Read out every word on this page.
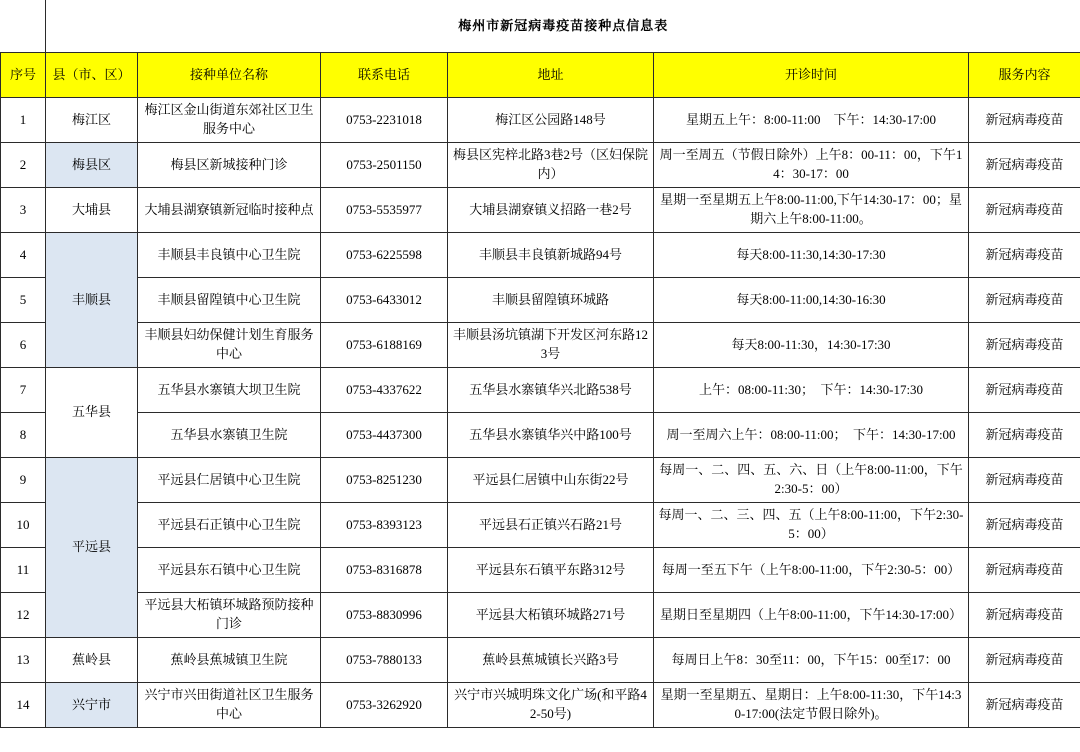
	梅州市新冠病毒疫苗接种点信息表					
序号	县（市、区）	接种单位名称	联系电话	地址	开诊时间	服务内容
1	梅江区	梅江区金山街道东郊社区卫生服务中心	0753-2231018	梅江区公园路148号	星期五上午：8:00-11:00　下午：14:30-17:00	新冠病毒疫苗
2	梅县区	梅县区新城接种门诊	0753-2501150	梅县区宪梓北路3巷2号（区妇保院内）	周一至周五（节假日除外）上午8：00-11：00，下午14：30-17：00	新冠病毒疫苗
3	大埔县	大埔县湖寮镇新冠临时接种点	0753-5535977	大埔县湖寮镇义招路一巷2号	星期一至星期五上午8:00-11:00,下午14:30-17：00；星期六上午8:00-11:00。	新冠病毒疫苗
4	丰顺县	丰顺县丰良镇中心卫生院	0753-6225598	丰顺县丰良镇新城路94号	每天8:00-11:30,14:30-17:30	新冠病毒疫苗
5		丰顺县留隍镇中心卫生院	0753-6433012	丰顺县留隍镇环城路	每天8:00-11:00,14:30-16:30	新冠病毒疫苗
6		丰顺县妇幼保健计划生育服务中心	0753-6188169	丰顺县汤坑镇湖下开发区河东路123号	每天8:00-11:30，14:30-17:30	新冠病毒疫苗
7	五华县	五华县水寨镇大坝卫生院	0753-4337622	五华县水寨镇华兴北路538号	上午：08:00-11:30；　下午：14:30-17:30	新冠病毒疫苗
8		五华县水寨镇卫生院	0753-4437300	五华县水寨镇华兴中路100号	周一至周六上午：08:00-11:00；　下午：14:30-17:00	新冠病毒疫苗
9	平远县	平远县仁居镇中心卫生院	0753-8251230	平远县仁居镇中山东街22号	每周一、二、四、五、六、日（上午8:00-11:00，下午2:30-5：00）	新冠病毒疫苗
10		平远县石正镇中心卫生院	0753-8393123	平远县石正镇兴石路21号	每周一、二、三、四、五（上午8:00-11:00，下午2:30-5：00）	新冠病毒疫苗
11		平远县东石镇中心卫生院	0753-8316878	平远县东石镇平东路312号	每周一至五下午（上午8:00-11:00，下午2:30-5：00）	新冠病毒疫苗
12		平远县大柘镇环城路预防接种门诊	0753-8830996	平远县大柘镇环城路271号	星期日至星期四（上午8:00-11:00，下午14:30-17:00）	新冠病毒疫苗
13	蕉岭县	蕉岭县蕉城镇卫生院	0753-7880133	蕉岭县蕉城镇长兴路3号	每周日上午8：30至11：00，下午15：00至17：00	新冠病毒疫苗
14	兴宁市	兴宁市兴田街道社区卫生服务中心	0753-3262920	兴宁市兴城明珠文化广场(和平路42-50号)	星期一至星期五、星期日：上午8:00-11:30，下午14:30-17:00(法定节假日除外)。	新冠病毒疫苗
